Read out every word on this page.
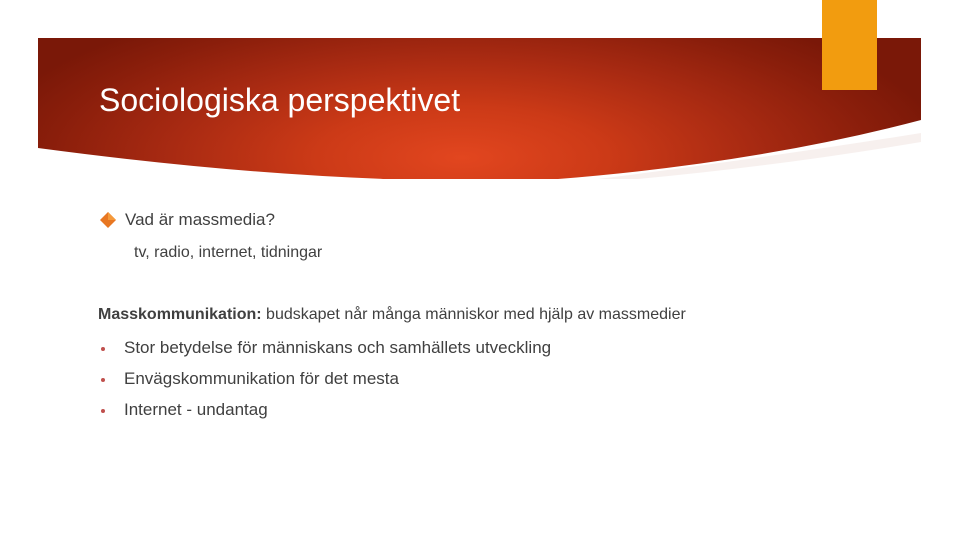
Sociologiska perspektivet
Vad är massmedia?
tv, radio, internet, tidningar
Masskommunikation: budskapet når många människor med hjälp av massmedier
Stor betydelse för människans och samhällets utveckling
Envägskommunikation för det mesta
Internet - undantag
